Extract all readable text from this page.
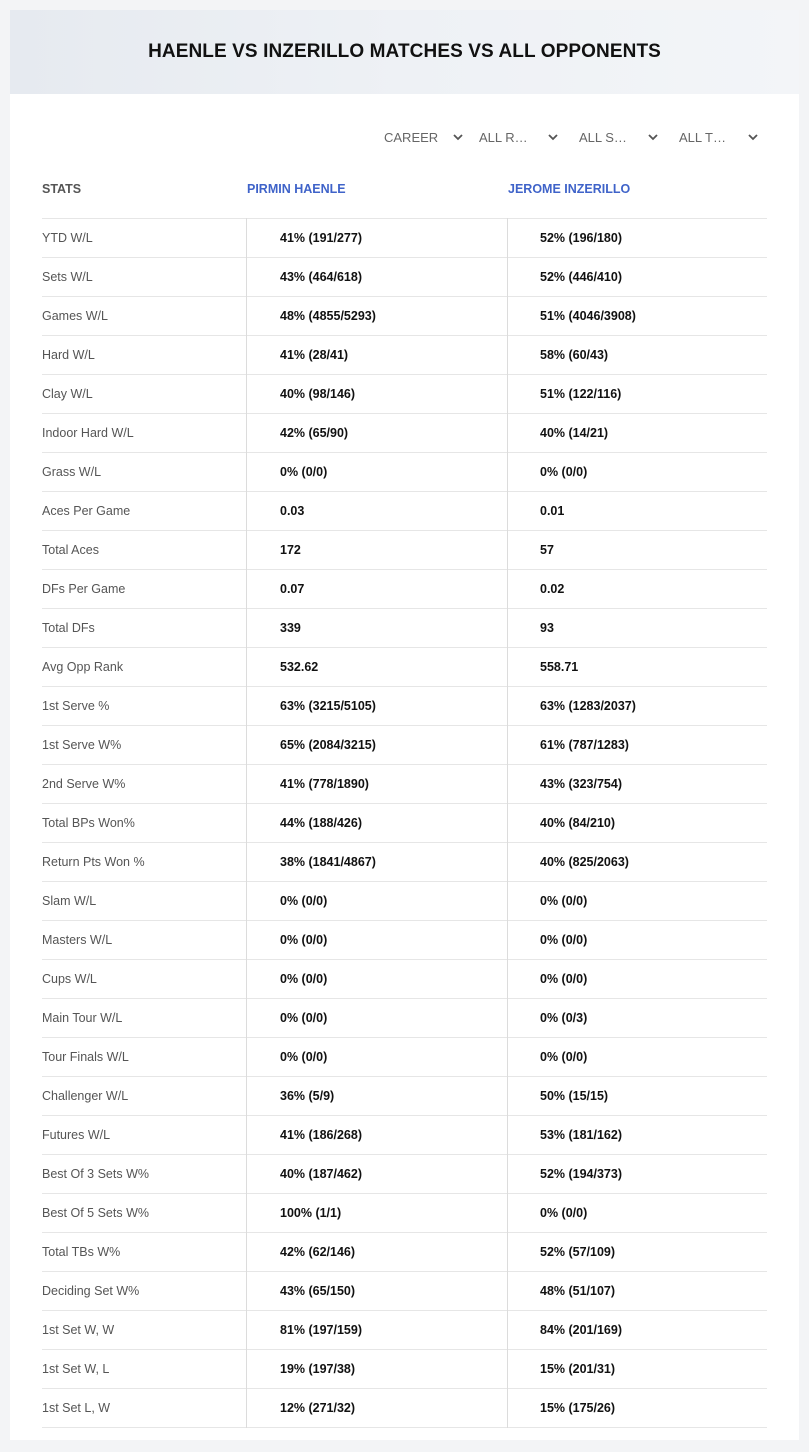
HAENLE VS INZERILLO MATCHES VS ALL OPPONENTS
CAREER	ALL R…	ALL S…	ALL T…
STATS	PIRMIN HAENLE	JEROME INZERILLO
YTD W/L	41% (191/277)	52% (196/180)
Sets W/L	43% (464/618)	52% (446/410)
Games W/L	48% (4855/5293)	51% (4046/3908)
Hard W/L	41% (28/41)	58% (60/43)
Clay W/L	40% (98/146)	51% (122/116)
Indoor Hard W/L	42% (65/90)	40% (14/21)
Grass W/L	0% (0/0)	0% (0/0)
Aces Per Game	0.03	0.01
Total Aces	172	57
DFs Per Game	0.07	0.02
Total DFs	339	93
Avg Opp Rank	532.62	558.71
1st Serve %	63% (3215/5105)	63% (1283/2037)
1st Serve W%	65% (2084/3215)	61% (787/1283)
2nd Serve W%	41% (778/1890)	43% (323/754)
Total BPs Won%	44% (188/426)	40% (84/210)
Return Pts Won %	38% (1841/4867)	40% (825/2063)
Slam W/L	0% (0/0)	0% (0/0)
Masters W/L	0% (0/0)	0% (0/0)
Cups W/L	0% (0/0)	0% (0/0)
Main Tour W/L	0% (0/0)	0% (0/3)
Tour Finals W/L	0% (0/0)	0% (0/0)
Challenger W/L	36% (5/9)	50% (15/15)
Futures W/L	41% (186/268)	53% (181/162)
Best Of 3 Sets W%	40% (187/462)	52% (194/373)
Best Of 5 Sets W%	100% (1/1)	0% (0/0)
Total TBs W%	42% (62/146)	52% (57/109)
Deciding Set W%	43% (65/150)	48% (51/107)
1st Set W, W	81% (197/159)	84% (201/169)
1st Set W, L	19% (197/38)	15% (201/31)
1st Set L, W	12% (271/32)	15% (175/26)
